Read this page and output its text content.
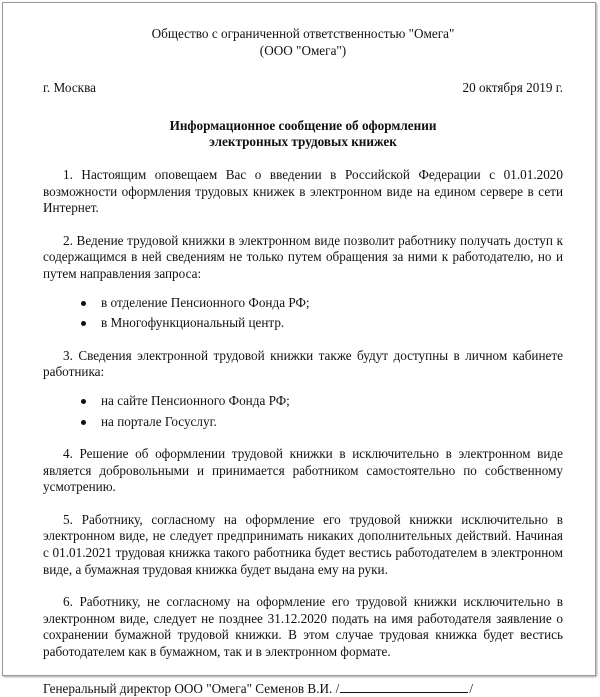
Общество с ограниченной ответственностью "Омега"
(ООО "Омега")
г. Москва	20 октября 2019 г.
Информационное сообщение об оформлении
электронных трудовых книжек

1. Настоящим оповещаем Вас о введении в Российской Федерации с 01.01.2020 возможности оформления трудовых книжек в электронном виде на едином сервере в сети Интернет.

2. Ведение трудовой книжки в электронном виде позволит работнику получать доступ к содержащимся в ней сведениям не только путем обращения за ними к работодателю, но и путем направления запроса:

в отделение Пенсионного Фонда РФ;
в Многофункциональный центр.

3. Сведения электронной трудовой книжки также будут доступны в личном кабинете работника:

на сайте Пенсионного Фонда РФ;
на портале Госуслуг.

4. Решение об оформлении трудовой книжки в исключительно в электронном виде является добровольными и принимается работником самостоятельно по собственному усмотрению.

5. Работнику, согласному на оформление его трудовой книжки исключительно в электронном виде, не следует предпринимать никаких дополнительных действий. Начиная с 01.01.2021 трудовая книжка такого работника будет вестись работодателем в электронном виде, а бумажная трудовая книжка будет выдана ему на руки.

6. Работнику, не согласному на оформление его трудовой книжки исключительно в электронном виде, следует не позднее 31.12.2020 подать на имя работодателя заявление о сохранении бумажной трудовой книжки. В этом случае трудовая книжка будет вестись работодателем как в бумажном, так и в электронном формате.

Генеральный директор ООО "Омега" Семенов В.И. /	/
